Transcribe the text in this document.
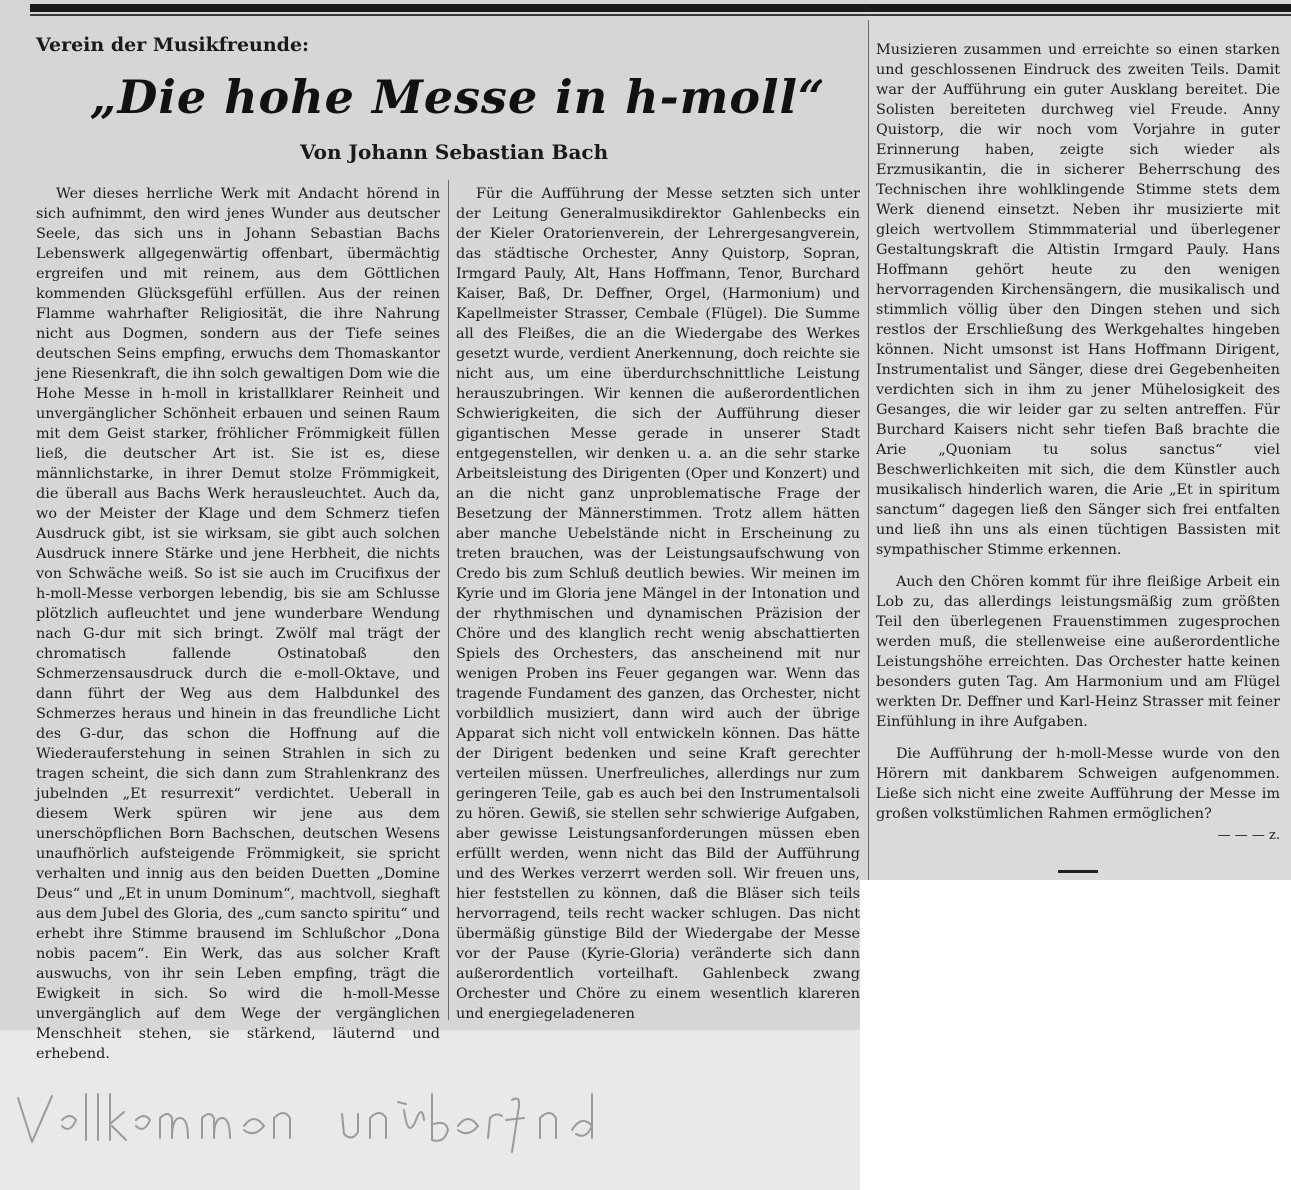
Verein der Musikfreunde:
„Die hohe Messe in h-moll“
Von Johann Sebastian Bach

Wer dieses herrliche Werk mit Andacht hörend in sich aufnimmt, den wird jenes Wunder aus deutscher Seele, das sich uns in Johann Sebastian Bachs Lebenswerk allgegenwärtig offenbart, übermächtig ergreifen und mit reinem, aus dem Göttlichen kommenden Glücksgefühl erfüllen. Aus der reinen Flamme wahrhafter Religiosität, die ihre Nahrung nicht aus Dogmen, sondern aus der Tiefe seines deutschen Seins empfing, erwuchs dem Thomaskantor jene Riesenkraft, die ihn solch gewaltigen Dom wie die Hohe Messe in h-moll in kristallklarer Reinheit und unvergänglicher Schönheit erbauen und seinen Raum mit dem Geist starker, fröhlicher Frömmigkeit füllen ließ, die deutscher Art ist. Sie ist es, diese männlichstarke, in ihrer Demut stolze Frömmigkeit, die überall aus Bachs Werk herausleuchtet. Auch da, wo der Meister der Klage und dem Schmerz tiefen Ausdruck gibt, ist sie wirksam, sie gibt auch solchen Ausdruck innere Stärke und jene Herbheit, die nichts von Schwäche weiß. So ist sie auch im Crucifixus der h-moll-Messe verborgen lebendig, bis sie am Schlusse plötzlich aufleuchtet und jene wunderbare Wendung nach G-dur mit sich bringt. Zwölf mal trägt der chromatisch fallende Ostinatobaß den Schmerzensausdruck durch die e-moll-Oktave, und dann führt der Weg aus dem Halbdunkel des Schmerzes heraus und hinein in das freundliche Licht des G-dur, das schon die Hoffnung auf die Wiederauferstehung in seinen Strahlen in sich zu tragen scheint, die sich dann zum Strahlenkranz des jubelnden „Et resurrexit“ verdichtet. Ueberall in diesem Werk spüren wir jene aus dem unerschöpflichen Born Bachschen, deutschen Wesens unaufhörlich aufsteigende Frömmigkeit, sie spricht verhalten und innig aus den beiden Duetten „Domine Deus“ und „Et in unum Dominum“, machtvoll, sieghaft aus dem Jubel des Gloria, des „cum sancto spiritu“ und erhebt ihre Stimme brausend im Schlußchor „Dona nobis pacem“. Ein Werk, das aus solcher Kraft auswuchs, von ihr sein Leben empfing, trägt die Ewigkeit in sich. So wird die h-moll-Messe unvergänglich auf dem Wege der vergänglichen Menschheit stehen, sie stärkend, läuternd und erhebend.

Für die Aufführung der Messe setzten sich unter der Leitung Generalmusikdirektor Gahlenbecks ein der Kieler Oratorienverein, der Lehrergesangverein, das städtische Orchester, Anny Quistorp, Sopran, Irmgard Pauly, Alt, Hans Hoffmann, Tenor, Burchard Kaiser, Baß, Dr. Deffner, Orgel, (Harmonium) und Kapellmeister Strasser, Cembale (Flügel). Die Summe all des Fleißes, die an die Wiedergabe des Werkes gesetzt wurde, verdient Anerkennung, doch reichte sie nicht aus, um eine überdurchschnittliche Leistung herauszubringen. Wir kennen die außerordentlichen Schwierigkeiten, die sich der Aufführung dieser gigantischen Messe gerade in unserer Stadt entgegenstellen, wir denken u. a. an die sehr starke Arbeitsleistung des Dirigenten (Oper und Konzert) und an die nicht ganz unproblematische Frage der Besetzung der Männerstimmen. Trotz allem hätten aber manche Uebelstände nicht in Erscheinung zu treten brauchen, was der Leistungsaufschwung von Credo bis zum Schluß deutlich bewies. Wir meinen im Kyrie und im Gloria jene Mängel in der Intonation und der rhythmischen und dynamischen Präzision der Chöre und des klanglich recht wenig abschattierten Spiels des Orchesters, das anscheinend mit nur wenigen Proben ins Feuer gegangen war. Wenn das tragende Fundament des ganzen, das Orchester, nicht vorbildlich musiziert, dann wird auch der übrige Apparat sich nicht voll entwickeln können. Das hätte der Dirigent bedenken und seine Kraft gerechter verteilen müssen. Unerfreuliches, allerdings nur zum geringeren Teile, gab es auch bei den Instrumentalsoli zu hören. Gewiß, sie stellen sehr schwierige Aufgaben, aber gewisse Leistungsanforderungen müssen eben erfüllt werden, wenn nicht das Bild der Aufführung und des Werkes verzerrt werden soll. Wir freuen uns, hier feststellen zu können, daß die Bläser sich teils hervorragend, teils recht wacker schlugen. Das nicht übermäßig günstige Bild der Wiedergabe der Messe vor der Pause (Kyrie-Gloria) veränderte sich dann außerordentlich vorteilhaft. Gahlenbeck zwang Orchester und Chöre zu einem wesentlich klareren und energiegeladeneren

Musizieren zusammen und erreichte so einen starken und geschlossenen Eindruck des zweiten Teils. Damit war der Aufführung ein guter Ausklang bereitet. Die Solisten bereiteten durchweg viel Freude. Anny Quistorp, die wir noch vom Vorjahre in guter Erinnerung haben, zeigte sich wieder als Erzmusikantin, die in sicherer Beherrschung des Technischen ihre wohlklingende Stimme stets dem Werk dienend einsetzt. Neben ihr musizierte mit gleich wertvollem Stimmmaterial und überlegener Gestaltungskraft die Altistin Irmgard Pauly. Hans Hoffmann gehört heute zu den wenigen hervorragenden Kirchensängern, die musikalisch und stimmlich völlig über den Dingen stehen und sich restlos der Erschließung des Werkgehaltes hingeben können. Nicht umsonst ist Hans Hoffmann Dirigent, Instrumentalist und Sänger, diese drei Gegebenheiten verdichten sich in ihm zu jener Mühelosigkeit des Gesanges, die wir leider gar zu selten antreffen. Für Burchard Kaisers nicht sehr tiefen Baß brachte die Arie „Quoniam tu solus sanctus“ viel Beschwerlichkeiten mit sich, die dem Künstler auch musikalisch hinderlich waren, die Arie „Et in spiritum sanctum“ dagegen ließ den Sänger sich frei entfalten und ließ ihn uns als einen tüchtigen Bassisten mit sympathischer Stimme erkennen.

Auch den Chören kommt für ihre fleißige Arbeit ein Lob zu, das allerdings leistungsmäßig zum größten Teil den überlegenen Frauenstimmen zugesprochen werden muß, die stellenweise eine außerordentliche Leistungshöhe erreichten. Das Orchester hatte keinen besonders guten Tag. Am Harmonium und am Flügel werkten Dr. Deffner und Karl-Heinz Strasser mit feiner Einfühlung in ihre Aufgaben.

Die Aufführung der h-moll-Messe wurde von den Hörern mit dankbarem Schweigen aufgenommen. Ließe sich nicht eine zweite Aufführung der Messe im großen volkstümlichen Rahmen ermöglichen?

— — — z.
